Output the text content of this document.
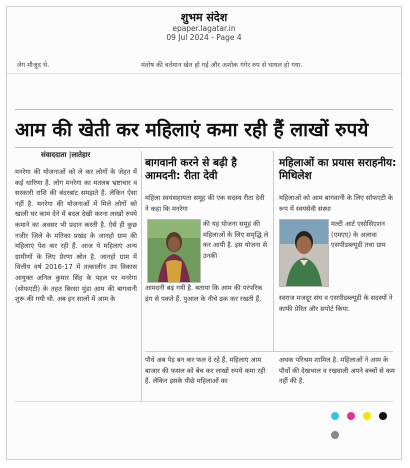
शुभम संदेश
epaper.lagatar.in
09 Jul 2024 - Page 4
लेग मौजूद थे.	मंतोष की वर्तमान खेत हो गई और अशोक गंगेर रुप से घायल हो गया.
आम की खेती कर महिलाएं कमा रही हैं लाखों रुपये
संवाददाता |लातेहार

मनरेगा की योजनाओं को ले कर लोगों के जेहन में कई धारिणा है. लोग मनरेगा का मतलब भ्रष्टाचार व सरकारी राशि की बंदरबांट समझते हैं. लेकिन ऐसा नहीं है. मनरेगा की योजनाओं में मिले लोगों को खाली घर काम देने में बदल देखी करना लाखों रुपये कमाने का अवसर भी प्रदान करती है. ऐसे ही कुछ नजीर जिले के मनिका प्रखंड के जानहो ग्राम की महिलाएं पेश कर रही हैं. आज ये महिलाएं अन्य ग्रामीणों के लिए प्रेरणा स्रोत है. जानहो ग्राम में वित्तीय वर्ष 2016-17 में तत्कालीन उप विकास आयुक्त अनिल कुमार सिंह के पहल पर मनरेगा (सोफएटी) के तहत बिरसा मुंडा आम की बागवानी शुरू की गयी थी. अब इन सालों में आम के

बागवानी करने से बढ़ी है आमदनी: रीता देवी
महिला स्वयंसहायता समूह की एक सदस्य रीता देवी ने कहा कि मनरेगा
की यह योजना समूह की महिलाओं के लिए समृद्धि ले कर आयी है. इस योजना से उनकी
आमदनी बढ़ गयी है. बताया कि आम की परंपरिक ढंग से पकते हैं. पुआल के नीचे ढक कर रखती हैं.
महिलाओं का प्रयास सराहनीय: मिथिलेश
महिलाओं को आम बागवानी के लिए सॉफएटी के रूप में स्वयंसेवी संस्था
मल्टी आर्ट एसोसिएशन (एमएए) के अलावा एसपीडब्ल्यूडी तथा ग्राम
स्वराज मजदूर संघ व एसपीडब्ल्यूडी के सदस्यों ने काफी प्रेरित और सपोर्ट किया.
पौधे अब पेड़ बन कर फल दे रहे हैं. महिलाएं आम बाजार की फसल को बेच कर लाखों रुपये कमा रही हैं. लेकिन इसके पीछे महिलाओं का
अथक परिश्रम शामिल है. महिलाओं ने आम के पौधों की देखभाल व रखवाली अपने बच्चों से कम नहीं की है.
